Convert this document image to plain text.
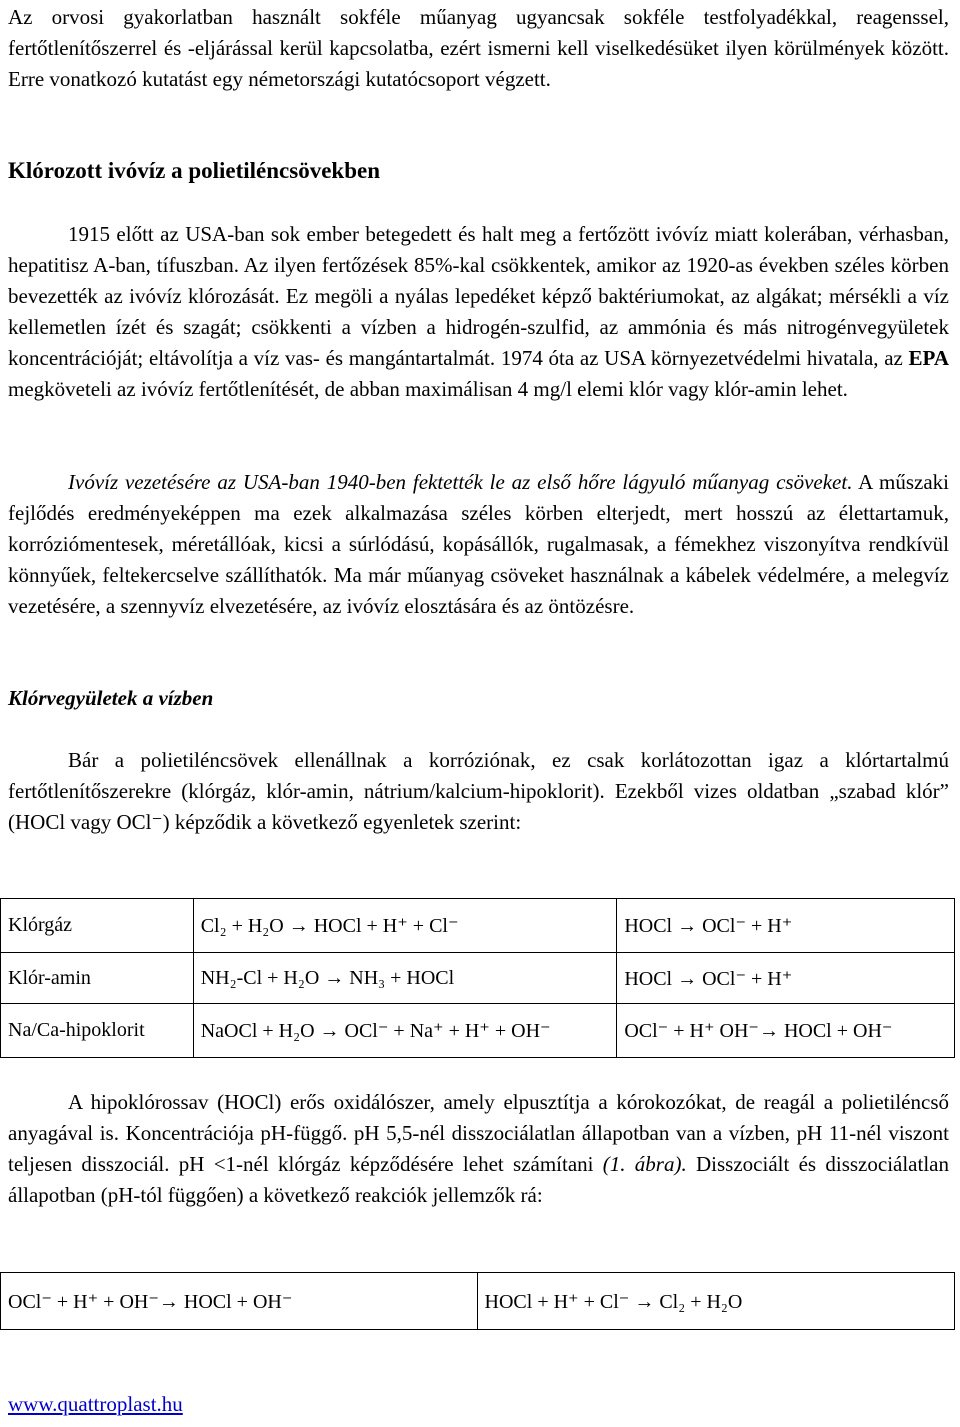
Az orvosi gyakorlatban használt sokféle műanyag ugyancsak sokféle testfolyadékkal, reagenssel, fertőtlenítőszerrel és -eljárással kerül kapcsolatba, ezért ismerni kell viselkedésüket ilyen körülmények között. Erre vonatkozó kutatást egy németországi kutatócsoport végzett.

Klórozott ivóvíz a polietiléncsövekben

1915 előtt az USA-ban sok ember betegedett és halt meg a fertőzött ivóvíz miatt kolerában, vérhasban, hepatitisz A-ban, tífuszban. Az ilyen fertőzések 85%-kal csökkentek, amikor az 1920-as években széles körben bevezették az ivóvíz klórozását. Ez megöli a nyálas lepedéket képző baktériumokat, az algákat; mérsékli a víz kellemetlen ízét és szagát; csökkenti a vízben a hidrogén-szulfid, az ammónia és más nitrogénvegyületek koncentrációját; eltávolítja a víz vas- és mangántartalmát. 1974 óta az USA környezetvédelmi hivatala, az EPA megköveteli az ivóvíz fertőtlenítését, de abban maximálisan 4 mg/l elemi klór vagy klór-amin lehet.

Ivóvíz vezetésére az USA-ban 1940-ben fektették le az első hőre lágyuló műanyag csöveket. A műszaki fejlődés eredményeképpen ma ezek alkalmazása széles körben elterjedt, mert hosszú az élettartamuk, korróziómentesek, méretállóak, kicsi a súrlódású, kopásállók, rugalmasak, a fémekhez viszonyítva rendkívül könnyűek, feltekercselve szállíthatók. Ma már műanyag csöveket használnak a kábelek védelmére, a melegvíz vezetésére, a szennyvíz elvezetésére, az ivóvíz elosztására és az öntözésre.

Klórvegyületek a vízben

Bár a polietiléncsövek ellenállnak a korróziónak, ez csak korlátozottan igaz a klórtartalmú fertőtlenítőszerekre (klórgáz, klór-amin, nátrium/kalcium-hipoklorit). Ezekből vizes oldatban „szabad klór” (HOCl vagy OCl⁻) képződik a következő egyenletek szerint:

Klórgáz	Cl₂ + H₂O → HOCl + H⁺ + Cl⁻	HOCl → OCl⁻ + H⁺
Klór-amin	NH₂-Cl + H₂O → NH₃ + HOCl	HOCl → OCl⁻ + H⁺
Na/Ca-hipoklorit	NaOCl + H₂O → OCl⁻ + Na⁺ + H⁺ + OH⁻	OCl⁻ + H⁺ OH⁻→ HOCl + OH⁻

A hipoklórossav (HOCl) erős oxidálószer, amely elpusztítja a kórokozókat, de reagál a polietiléncső anyagával is. Koncentrációja pH-függő. pH 5,5-nél disszociálatlan állapotban van a vízben, pH 11-nél viszont teljesen disszociál. pH <1-nél klórgáz képződésére lehet számítani (1. ábra). Disszociált és disszociálatlan állapotban (pH-tól függően) a következő reakciók jellemzők rá:

OCl⁻ + H⁺ + OH⁻→ HOCl + OH⁻	HOCl + H⁺ + Cl⁻ → Cl₂ + H₂O
www.quattroplast.hu
